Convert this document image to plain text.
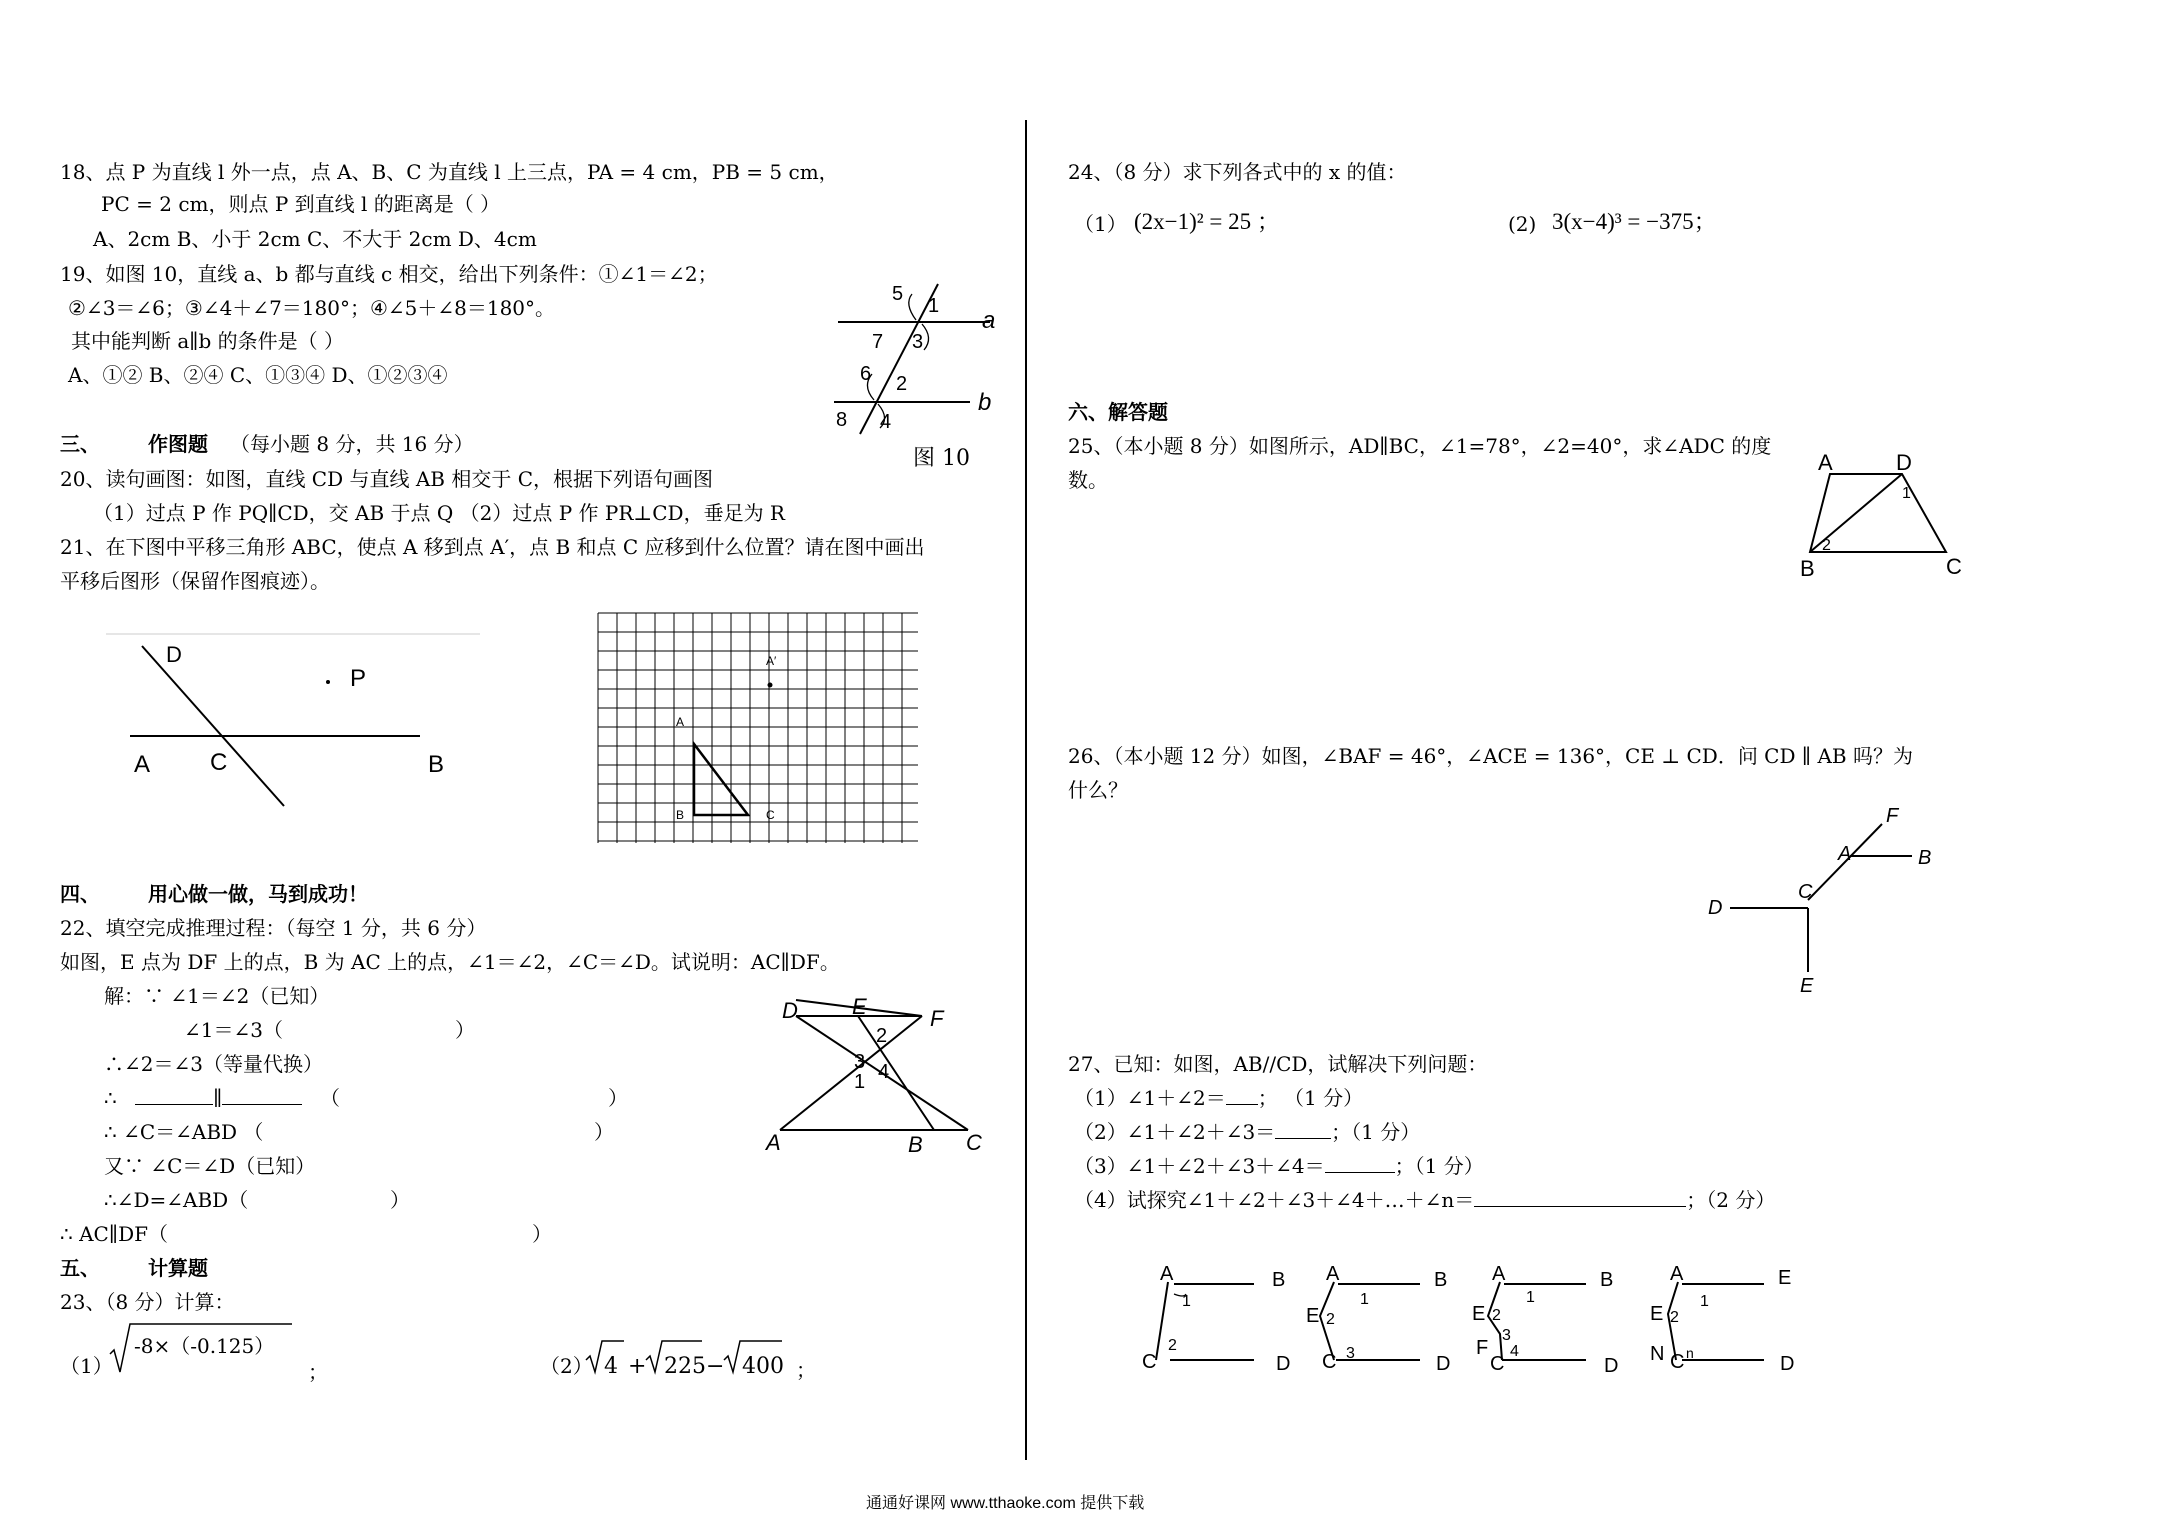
18、点 P 为直线 l 外一点，点 A、B、C 为直线 l 上三点，PA = 4 cm，PB = 5 cm，
PC = 2 cm，则点 P 到直线 l 的距离是（ ）
A、2cm B、小于 2cm C、不大于 2cm D、4cm
19、如图 10，直线 a、b 都与直线 c 相交，给出下列条件：①∠1＝∠2；
②∠3＝∠6；③∠4＋∠7＝180°；④∠5＋∠8＝180°。
其中能判断 a∥b 的条件是（ ）
A、①② B、②④ C、①③④ D、①②③④
5
1
7 3
a
6 2
b
8 4
图 10
三、 作图题 （每小题 8 分，共 16 分）
20、读句画图：如图，直线 CD 与直线 AB 相交于 C，根据下列语句画图
（1）过点 P 作 PQ∥CD，交 AB 于点 Q （2）过点 P 作 PR⊥CD，垂足为 R
21、在下图中平移三角形 ABC，使点 A 移到点 A′，点 B 和点 C 应移到什么位置？请在图中画出
平移后图形（保留作图痕迹）。
D
P
A C	B
A′
A
B	C
四、 用心做一做，马到成功！
22、填空完成推理过程：（每空 1 分，共 6 分）
如图，E 点为 DF 上的点，B 为 AC 上的点，∠1＝∠2，∠C＝∠D。试说明：AC∥DF。
解：∵ ∠1＝∠2（已知）
∠1＝∠3（	）
∴∠2＝∠3（等量代换）
∴	∥	（	）
∴ ∠C＝∠ABD （	）
又∵ ∠C＝∠D（已知）
∴∠D=∠ABD（	）
∴ AC∥DF（	）
D E	F
2
3 4
1
A	B C
五、 计算题
23、（8 分）计算：
（1）
-8×（-0.125）
；	（2） 4 + 225 − 400 ；
24、（8 分）求下列各式中的 x 的值：
（1） (2x−1)² = 25 ；	(2) 3(x−4)³ = −375；
六、解答题
25、（本小题 8 分）如图所示，AD∥BC，∠1=78°，∠2=40°，求∠ADC 的度
数。
A	D
1
2
B	C
26、（本小题 12 分）如图，∠BAF = 46°，∠ACE = 136°，CE ⊥ CD．问 CD ∥ AB 吗？为
什么？
F
A	B
C
D
E
27、已知：如图，AB//CD，试解决下列问题：
（1）∠1＋∠2＝ ； （1 分）
（2）∠1＋∠2＋∠3＝	；（1 分）
（3）∠1＋∠2＋∠3＋∠4＝	；（1 分）
（4）试探究∠1＋∠2＋∠3＋∠4＋…＋∠n＝	；（2 分）
A	B
1
2
C	D
A	B
1
E 2
3
C	D
A	B
1
E 2
3
F 4
C	D
A	E
1
E 2
N C n	D
通通好课网 www.tthaoke.com 提供下载
